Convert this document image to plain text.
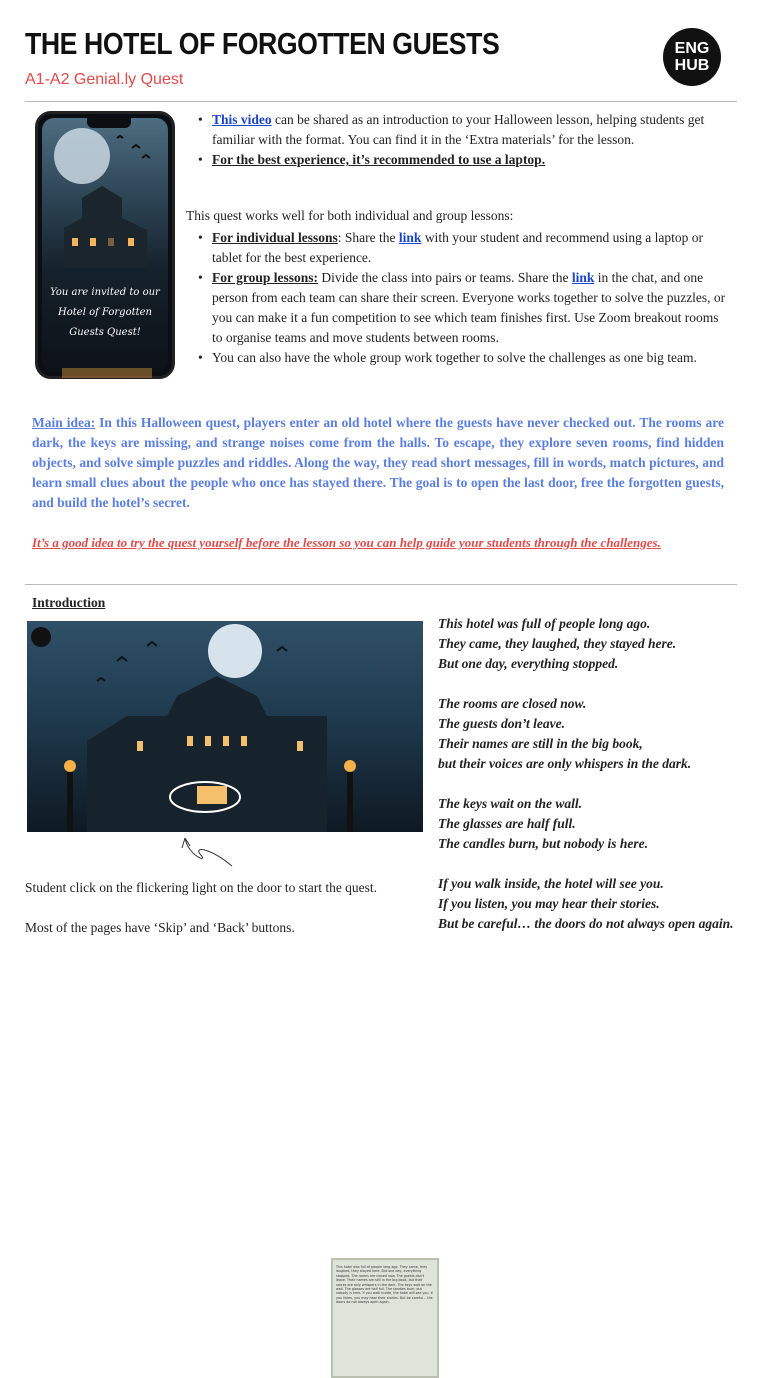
THE HOTEL OF FORGOTTEN GUESTS
A1-A2 Genial.ly Quest
ENG
HUB
You are invited to our Hotel of Forgotten Guests Quest!
• This video can be shared as an introduction to your Halloween lesson, helping students get familiar with the format. You can find it in the ‘Extra materials’ for the lesson.
• For the best experience, it’s recommended to use a laptop.
This quest works well for both individual and group lessons:
• For individual lessons: Share the link with your student and recommend using a laptop or tablet for the best experience.
• For group lessons: Divide the class into pairs or teams. Share the link in the chat, and one person from each team can share their screen. Everyone works together to solve the puzzles, or you can make it a fun competition to see which team finishes first. Use Zoom breakout rooms to organise teams and move students between rooms.
• You can also have the whole group work together to solve the challenges as one big team.
Main idea: In this Halloween quest, players enter an old hotel where the guests have never checked out. The rooms are dark, the keys are missing, and strange noises come from the halls. To escape, they explore seven rooms, find hidden objects, and solve simple puzzles and riddles. Along the way, they read short messages, fill in words, match pictures, and learn small clues about the people who once has stayed there. The goal is to open the last door, free the forgotten guests, and build the hotel’s secret.
It’s a good idea to try the quest yourself before the lesson so you can help guide your students through the challenges.
Introduction
This hotel was full of people long ago. They came, they laughed, they stayed here. But one day, everything stopped. The rooms are closed now. The guests don't leave. Their names are still in the big book, but their voices are only whispers in the dark. The keys wait on the wall. The glasses are half full. The candles burn, but nobody is here. If you walk inside, the hotel will see you. If you listen, you may hear their stories. But be careful... the doors do not always open again.
Student click on the flickering light on the door to start the quest.
Most of the pages have ‘Skip’ and ‘Back’ buttons.

This hotel was full of people long ago.
They came, they laughed, they stayed here.
But one day, everything stopped.

The rooms are closed now.
The guests don’t leave.
Their names are still in the big book,
but their voices are only whispers in the dark.

The keys wait on the wall.
The glasses are half full.
The candles burn, but nobody is here.

If you walk inside, the hotel will see you.
If you listen, you may hear their stories.
But be careful… the doors do not always open again.
